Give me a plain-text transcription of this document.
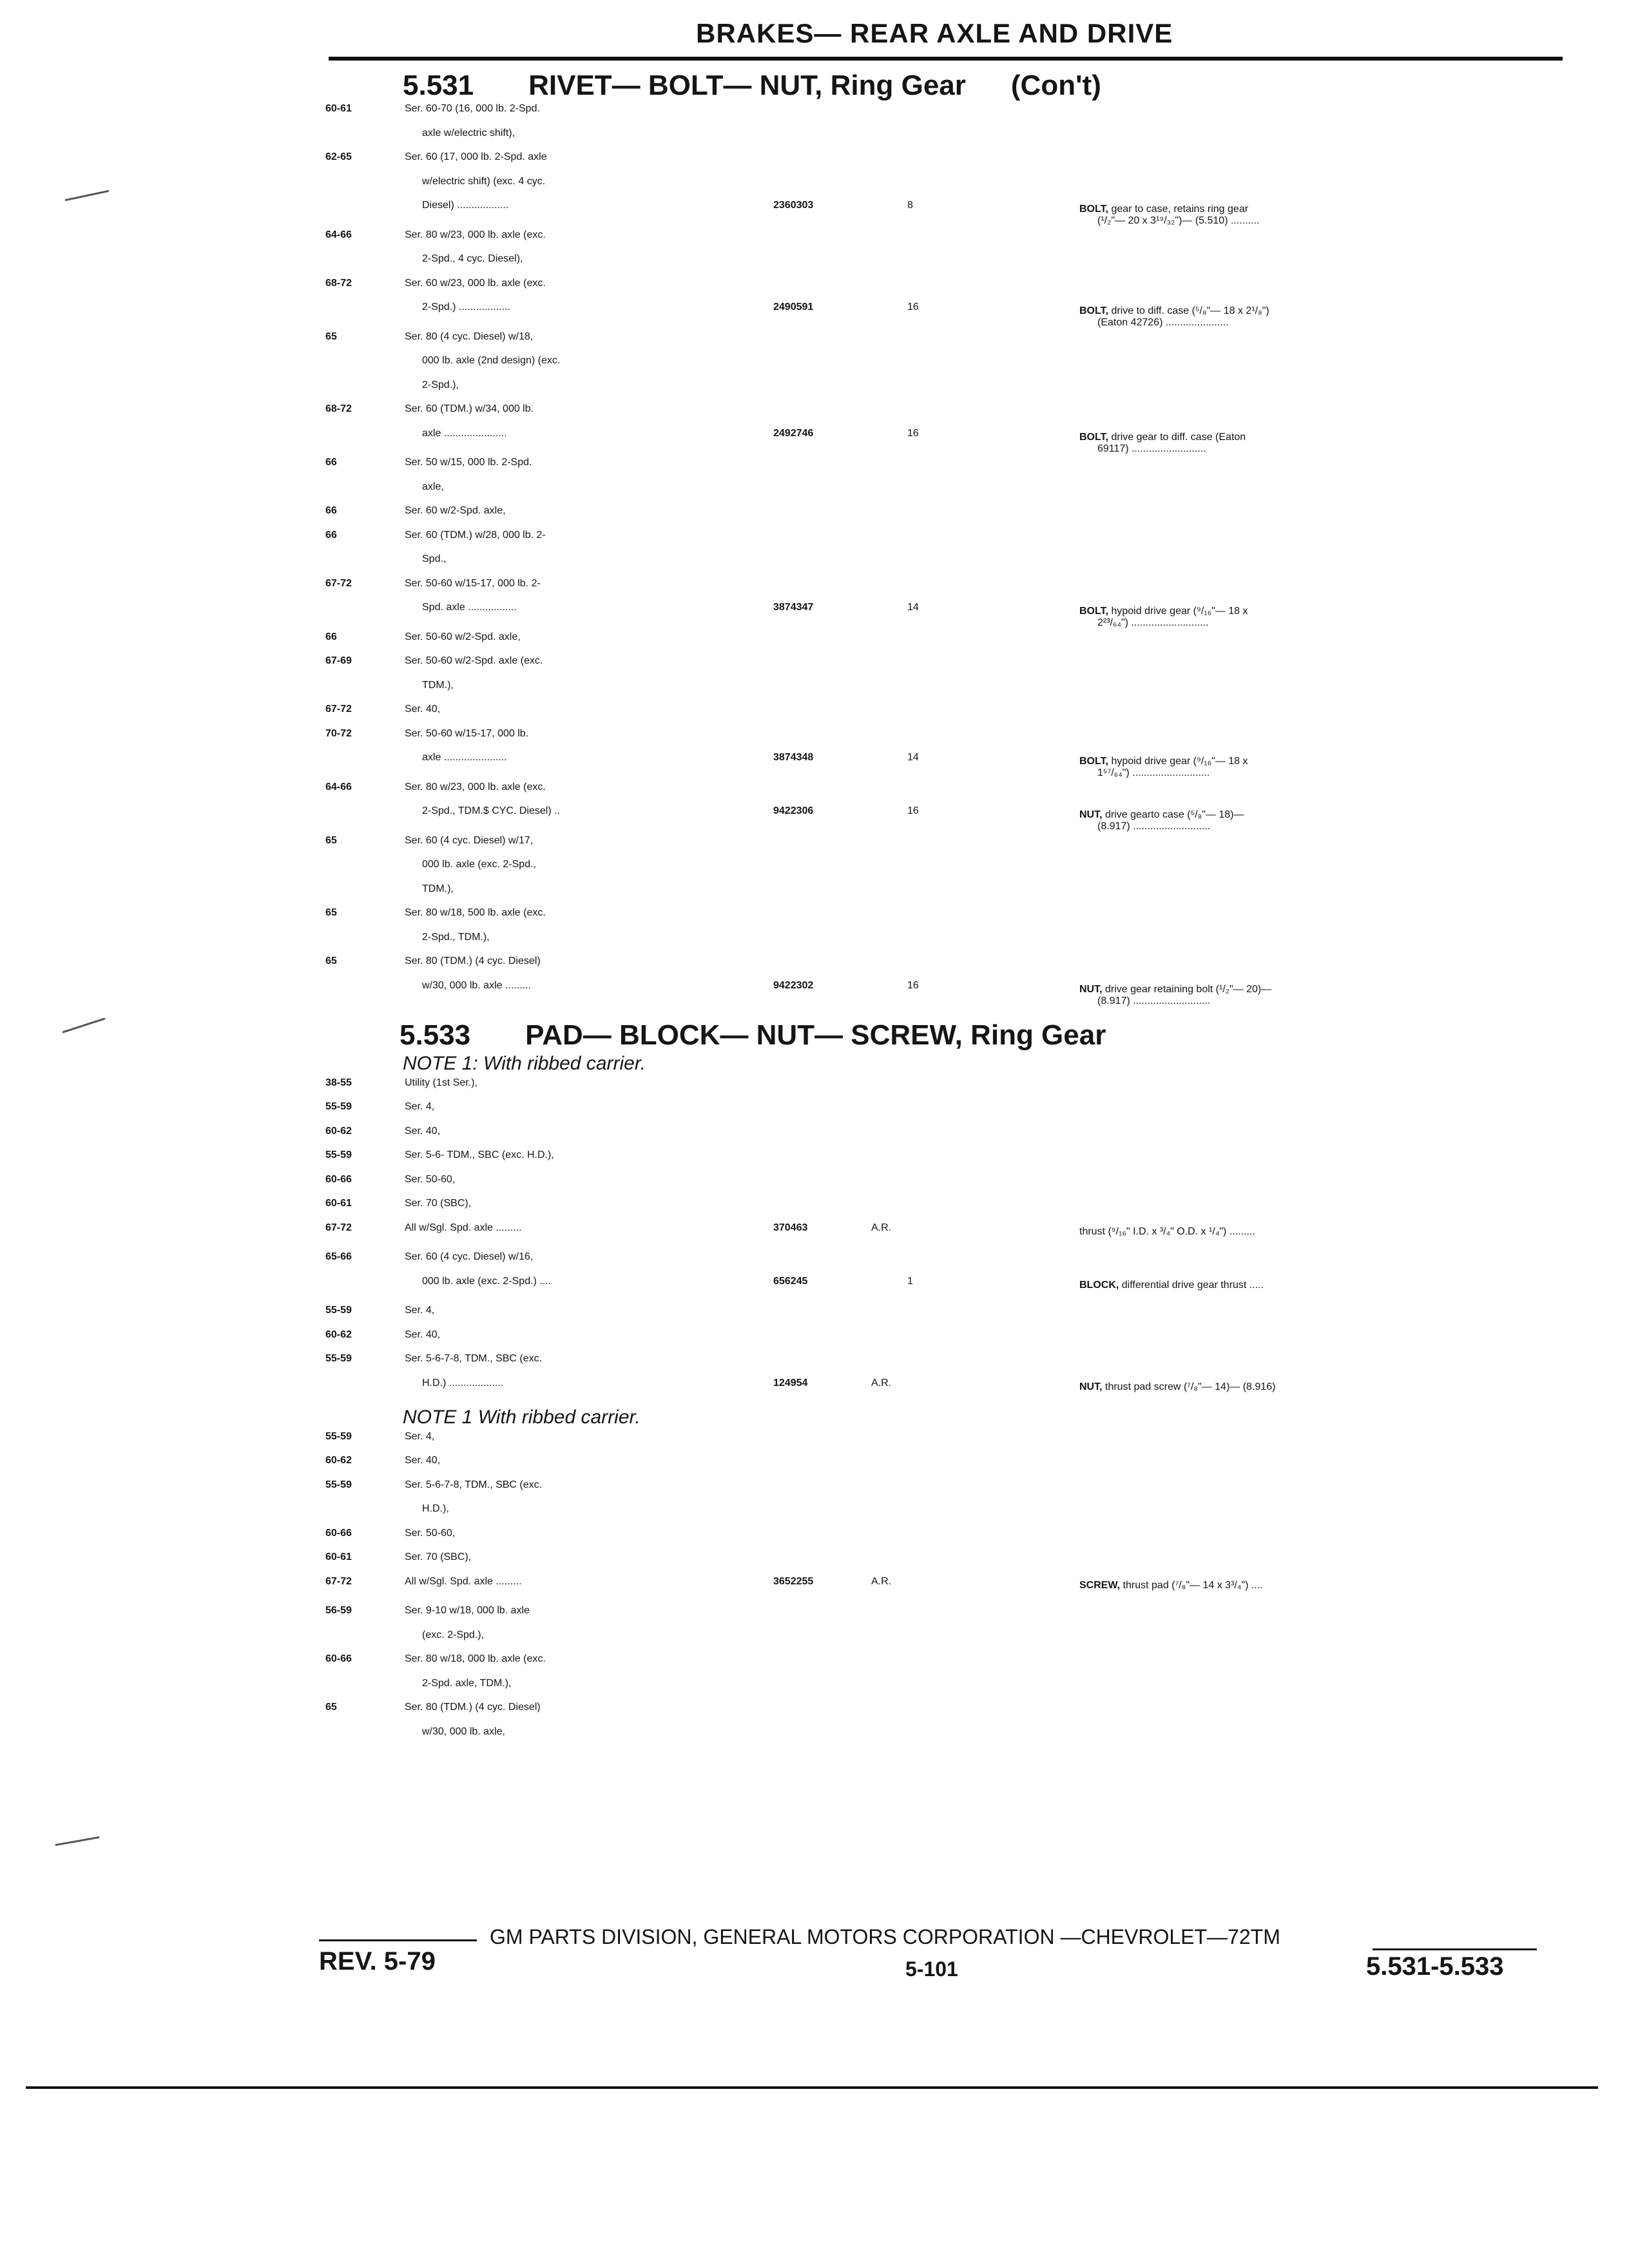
BRAKES— REAR AXLE AND DRIVE
5.531 RIVET— BOLT— NUT, Ring Gear (Con't)
60-61	Ser. 60-70 (16, 000 lb. 2-Spd.
axle w/electric shift),
62-65	Ser. 60 (17, 000 lb. 2-Spd. axle
w/electric shift) (exc. 4 cyc.
Diesel) ..................	2360303	8	BOLT, gear to case, retains ring gear
(¹/₂"— 20 x 3¹⁹/₃₂")— (5.510) ..........
64-66	Ser. 80 w/23, 000 lb. axle (exc.
2-Spd., 4 cyc. Diesel),
68-72	Ser. 60 w/23, 000 lb. axle (exc.
2-Spd.) ..................	2490591	16	BOLT, drive to diff. case (⁵/₈"— 18 x 2¹/₈")
(Eaton 42726) ......................
65	Ser. 80 (4 cyc. Diesel) w/18,
000 lb. axle (2nd design) (exc.
2-Spd.),
68-72	Ser. 60 (TDM.) w/34, 000 lb.
axle ......................	2492746	16	BOLT, drive gear to diff. case (Eaton
69117) ..........................
66	Ser. 50 w/15, 000 lb. 2-Spd.
axle,
66	Ser. 60 w/2-Spd. axle,
66	Ser. 60 (TDM.) w/28, 000 lb. 2-
Spd.,
67-72	Ser. 50-60 w/15-17, 000 lb. 2-
Spd. axle .................	3874347	14	BOLT, hypoid drive gear (⁹/₁₆"— 18 x
2²³/₆₄") ...........................
66	Ser. 50-60 w/2-Spd. axle,
67-69	Ser. 50-60 w/2-Spd. axle (exc.
TDM.),
67-72	Ser. 40,
70-72	Ser. 50-60 w/15-17, 000 lb.
axle ......................	3874348	14	BOLT, hypoid drive gear (⁹/₁₆"— 18 x
1⁵⁷/₆₄") ...........................
64-66	Ser. 80 w/23, 000 lb. axle (exc.
2-Spd., TDM.$ CYC. Diesel) ..	9422306	16	NUT, drive gearto case (⁵/₈"— 18)—
(8.917) ...........................
65	Ser. 60 (4 cyc. Diesel) w/17,
000 lb. axle (exc. 2-Spd.,
TDM.),
65	Ser. 80 w/18, 500 lb. axle (exc.
2-Spd., TDM.),
65	Ser. 80 (TDM.) (4 cyc. Diesel)
w/30, 000 lb. axle .........	9422302	16	NUT, drive gear retaining bolt (¹/₂"— 20)—
(8.917) ...........................
5.533 PAD— BLOCK— NUT— SCREW, Ring Gear
NOTE 1: With ribbed carrier.
38-55	Utility (1st Ser.),
55-59	Ser. 4,
60-62	Ser. 40,
55-59	Ser. 5-6- TDM., SBC (exc. H.D.),
60-66	Ser. 50-60,
60-61	Ser. 70 (SBC),
67-72	All w/Sgl. Spd. axle .........	370463	A.R.	thrust (⁹/₁₆" I.D. x ³/₄" O.D. x ¹/₄") .........
65-66	Ser. 60 (4 cyc. Diesel) w/16,
000 lb. axle (exc. 2-Spd.) ....	656245	1	BLOCK, differential drive gear thrust .....
55-59	Ser. 4,
60-62	Ser. 40,
55-59	Ser. 5-6-7-8, TDM., SBC (exc.
H.D.) ...................	124954	A.R.	NUT, thrust pad screw (⁷/₈"— 14)— (8.916)
NOTE 1 With ribbed carrier.
55-59	Ser. 4,
60-62	Ser. 40,
55-59	Ser. 5-6-7-8, TDM., SBC (exc.
H.D.),
60-66	Ser. 50-60,
60-61	Ser. 70 (SBC),
67-72	All w/Sgl. Spd. axle .........	3652255	A.R.	SCREW, thrust pad (⁷/₈"— 14 x 3³/₄") ....
56-59	Ser. 9-10 w/18, 000 lb. axle
(exc. 2-Spd.),
60-66	Ser. 80 w/18, 000 lb. axle (exc.
2-Spd. axle, TDM.),
65	Ser. 80 (TDM.) (4 cyc. Diesel)
w/30, 000 lb. axle,
GM PARTS DIVISION, GENERAL MOTORS CORPORATION —CHEVROLET—72TM
REV. 5-79	5-101	5.531-5.533
